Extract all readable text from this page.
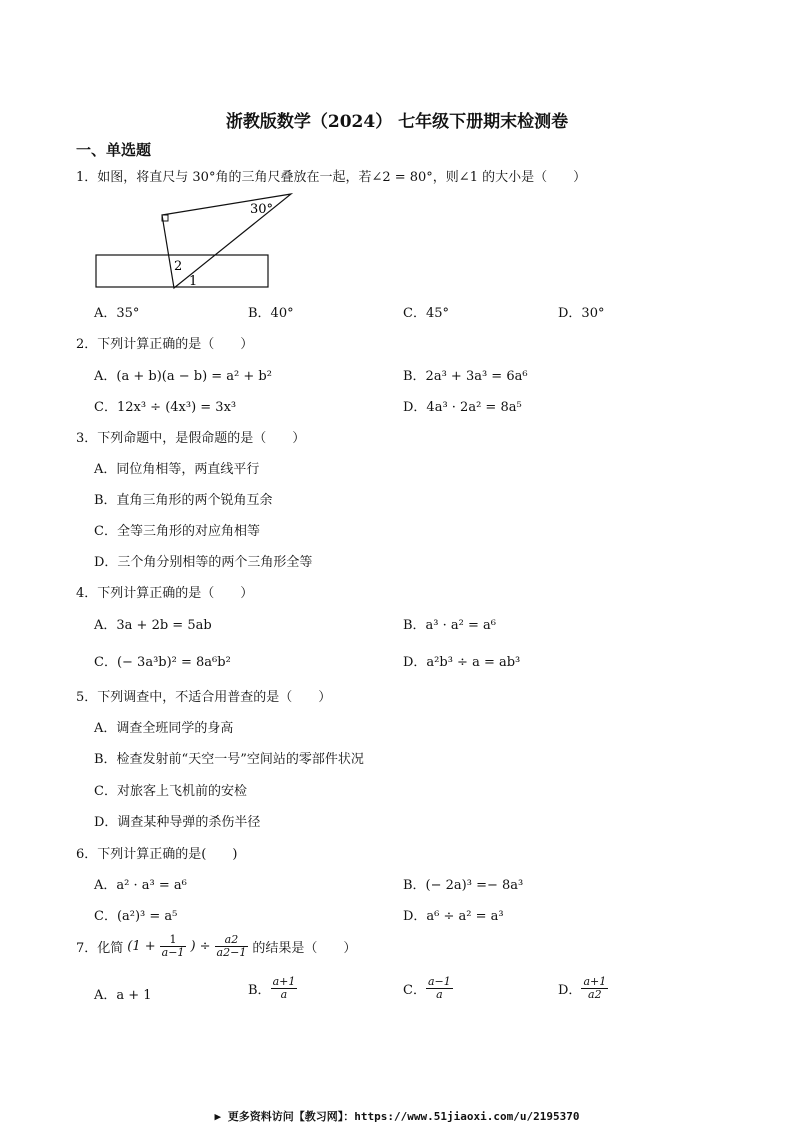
浙教版数学（2024） 七年级下册期末检测卷
一、单选题
1．如图，将直尺与 30°角的三角尺叠放在一起，若∠2 = 80°，则∠1 的大小是（　　）
30°
2
1
A．35°	B．40°	C．45°	D．30°
2．下列计算正确的是（　　）
A．(a + b)(a − b) = a² + b²	B．2a³ + 3a³ = 6a⁶
C．12x³ ÷ (4x³) = 3x³	D．4a³ · 2a² = 8a⁵
3．下列命题中，是假命题的是（　　）
A．同位角相等，两直线平行
B．直角三角形的两个锐角互余
C．全等三角形的对应角相等
D．三个角分别相等的两个三角形全等
4．下列计算正确的是（　　）
A．3a + 2b = 5ab	B．a³ · a² = a⁶
C．(− 3a³b)² = 8a⁶b²	D．a²b³ ÷ a = ab³
5．下列调查中，不适合用普查的是（　　）
A．调查全班同学的身高
B．检查发射前“天空一号”空间站的零部件状况
C．对旅客上飞机前的安检
D．调查某种导弹的杀伤半径
6．下列计算正确的是(　　)
A．a² · a³ = a⁶	B．(− 2a)³ =− 8a³
C．(a²)³ = a⁵	D．a⁶ ÷ a² = a³
7．化简 ($1 + \frac{1}{a-1}$ ) ÷ $\frac{a2}{a2-1}$ 的结果是（　　）
A．a + 1	B． $\frac{a+1}{a}$	C． $\frac{a-1}{a}$	D． $\frac{a+1}{a2}$
▶ 更多资料访问【教习网】：https://www.51jiaoxi.com/u/2195370
